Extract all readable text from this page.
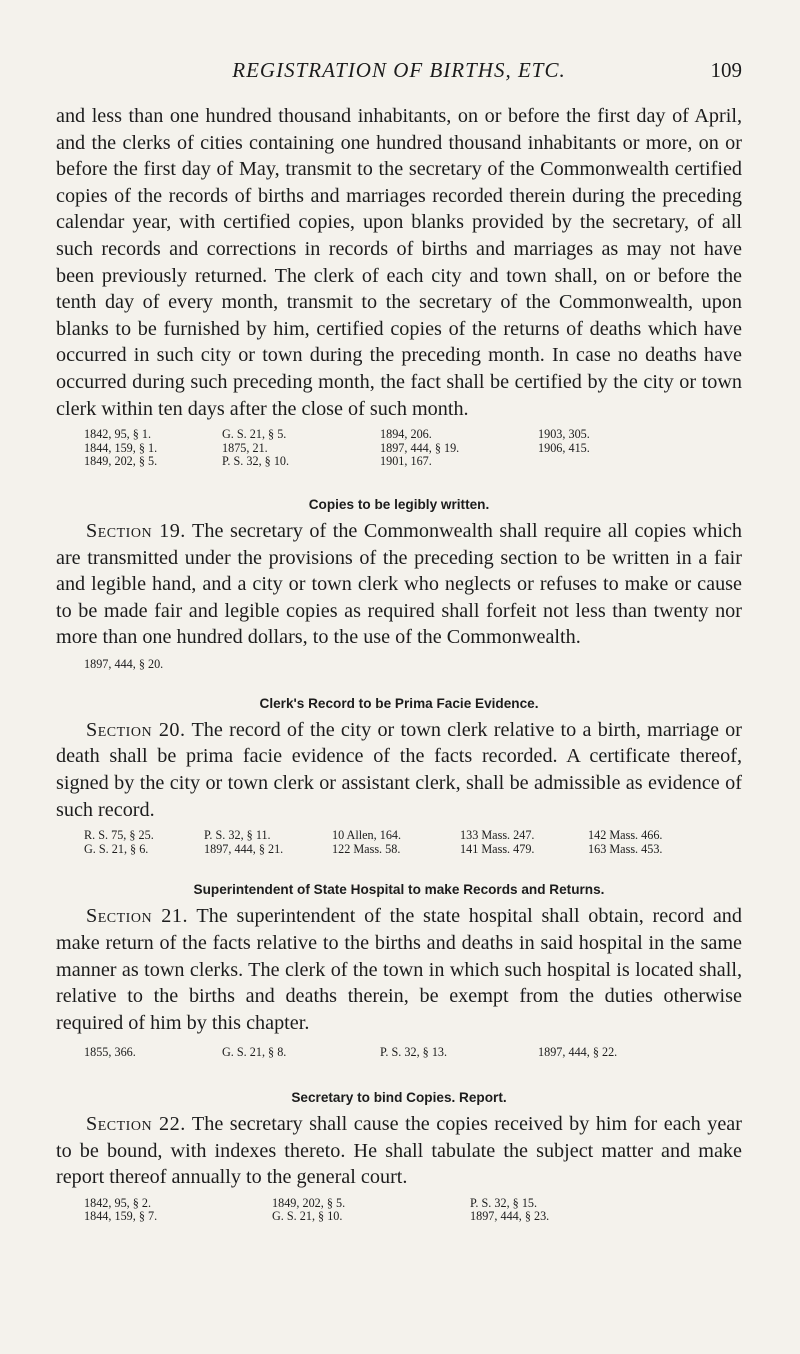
REGISTRATION OF BIRTHS, ETC.	109

and less than one hundred thousand inhabitants, on or before the first day of April, and the clerks of cities containing one hundred thousand inhabitants or more, on or before the first day of May, transmit to the secretary of the Commonwealth certified copies of the records of births and marriages recorded therein during the preceding calendar year, with certified copies, upon blanks provided by the secretary, of all such records and corrections in records of births and marriages as may not have been previously returned. The clerk of each city and town shall, on or before the tenth day of every month, transmit to the secretary of the Commonwealth, upon blanks to be furnished by him, certified copies of the returns of deaths which have occurred in such city or town during the preceding month. In case no deaths have occurred during such preceding month, the fact shall be certified by the city or town clerk within ten days after the close of such month.

1842, 95, § 1.	G. S. 21, § 5.	1894, 206.	1903, 305.
1844, 159, § 1.	1875, 21.	1897, 444, § 19.	1906, 415.
1849, 202, § 5.	P. S. 32, § 10.	1901, 167.	

Copies to be legibly written.

Section 19. The secretary of the Commonwealth shall require all copies which are transmitted under the provisions of the preceding section to be written in a fair and legible hand, and a city or town clerk who neglects or refuses to make or cause to be made fair and legible copies as required shall forfeit not less than twenty nor more than one hundred dollars, to the use of the Commonwealth.

1897, 444, § 20.

Clerk's Record to be Prima Facie Evidence.

Section 20. The record of the city or town clerk relative to a birth, marriage or death shall be prima facie evidence of the facts recorded. A certificate thereof, signed by the city or town clerk or assistant clerk, shall be admissible as evidence of such record.

R. S. 75, § 25.	P. S. 32, § 11.	10 Allen, 164.	133 Mass. 247.	142 Mass. 466.
G. S. 21, § 6.	1897, 444, § 21.	122 Mass. 58.	141 Mass. 479.	163 Mass. 453.

Superintendent of State Hospital to make Records and Returns.

Section 21. The superintendent of the state hospital shall obtain, record and make return of the facts relative to the births and deaths in said hospital in the same manner as town clerks. The clerk of the town in which such hospital is located shall, relative to the births and deaths therein, be exempt from the duties otherwise required of him by this chapter.

1855, 366.	G. S. 21, § 8.	P. S. 32, § 13.	1897, 444, § 22.

Secretary to bind Copies. Report.

Section 22. The secretary shall cause the copies received by him for each year to be bound, with indexes thereto. He shall tabulate the subject matter and make report thereof annually to the general court.

1842, 95, § 2.	1849, 202, § 5.	P. S. 32, § 15.
1844, 159, § 7.	G. S. 21, § 10.	1897, 444, § 23.
